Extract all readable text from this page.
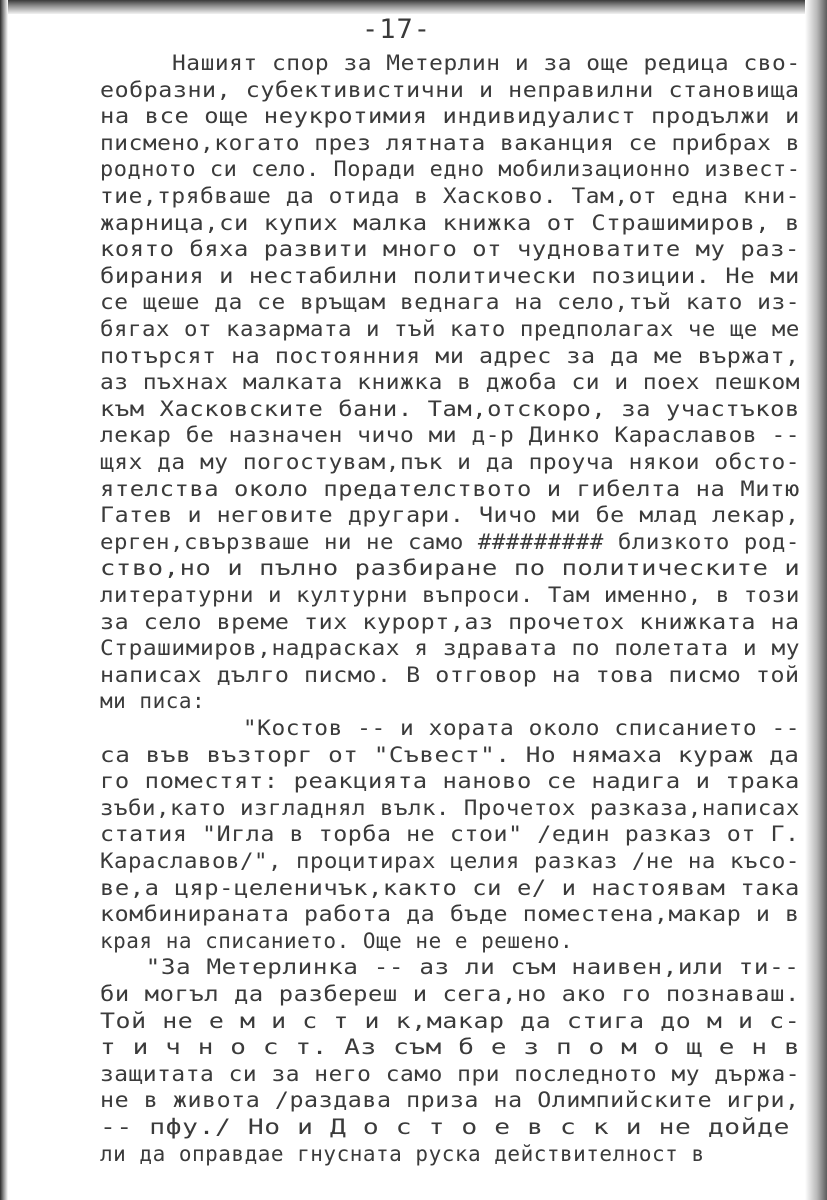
-17-
Нашият спор за Метерлин и за още редица сво-
еобразни, субективистични и неправилни становища
на все още неукротимия индивидуалист продължи и
писмено,когато през лятната ваканция се прибрах в
родното си село. Поради едно мобилизационно извест-
тие,трябваше да отида в Хасково. Там,от една кни-
жарница,си купих малка книжка от Страшимиров, в
която бяха развити много от чудноватите му раз-
бирания и нестабилни политически позиции. Не ми
се щеше да се връщам веднага на село,тъй като из-
бягах от казармата и тъй като предполагах че ще ме
потърсят на постоянния ми адрес за да ме вържат,
аз пъхнах малката книжка в джоба си и поех пешком
към Хасковските бани. Там,отскоро, за участъков
лекар бе назначен чичо ми д-р Динко Караславов --
щях да му погостувам,пък и да проуча някои обсто-
ятелства около предателството и гибелта на Митю
Гатев и неговите другари. Чичо ми бе млад лекар,
ерген,свързваше ни не само ######### близкото род-
ство,но и пълно разбиране по политическите и
литературни и културни въпроси. Там именно, в този
за село време тих курорт,аз прочетох книжката на
Страшимиров,надрасках я здравата по полетата и му
написах дълго писмо. В отговор на това писмо той
ми писа:
"Костов -- и хората около списанието --
са във възторг от "Съвест". Но нямаха кураж да
го поместят: реакцията наново се надига и трака
зъби,като изгладнял вълк. Прочетох разказа,написах
статия "Игла в торба не стои" /един разказ от Г.
Караславов/", процитирах целия разказ /не на късо-
ве,а цяр-целеничък,както си е/ и настоявам така
комбинираната работа да бъде поместена,макар и в
края на списанието. Още не е решено.
"За Метерлинка -- аз ли съм наивен,или ти--
би могъл да разбереш и сега,но ако го познаваш.
Той не е м и с т и к,макар да стига до м и с-
т и ч н о с т. Аз съм б е з п о м о щ е н в
защитата си за него само при последното му държа-
не в живота /раздава приза на Олимпийските игри,
-- пфу./ Но и Д о с т о е в с к и не дойде
ли да оправдае гнусната руска действителност в
